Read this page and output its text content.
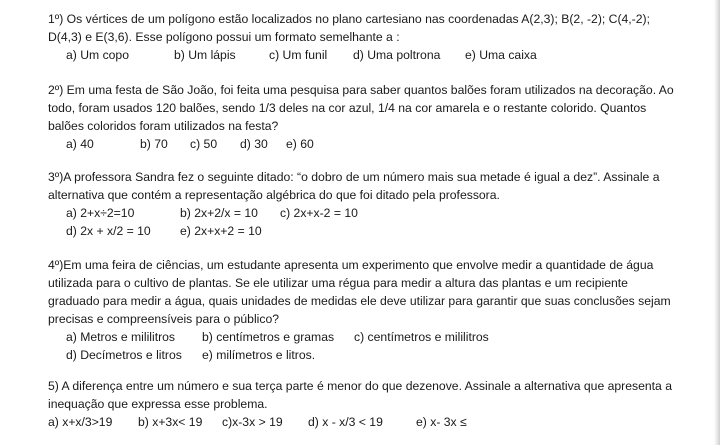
1º) Os vértices de um polígono estão localizados no plano cartesiano nas coordenadas A(2,3); B(2, -2); C(4,-2);

D(4,3) e E(3,6). Esse polígono possui um formato semelhante a :

a) Um copo	b) Um lápis	c) Um funil d) Uma poltrona e) Uma caixa

2º) Em uma festa de São João, foi feita uma pesquisa para saber quantos balões foram utilizados na decoração. Ao

todo, foram usados 120 balões, sendo 1/3 deles na cor azul, 1/4 na cor amarela e o restante colorido. Quantos

balões coloridos foram utilizados na festa?

a) 40	b) 70 c) 50 d) 30 e) 60

3º)A professora Sandra fez o seguinte ditado: “o dobro de um número mais sua metade é igual a dez”. Assinale a

alternativa que contém a representação algébrica do que foi ditado pela professora.

a) 2+x÷2=10	b) 2x+2/x = 10 c) 2x+x-2 = 10
d) 2x + x/2 = 10 e) 2x+x+2 = 10

4º)Em uma feira de ciências, um estudante apresenta um experimento que envolve medir a quantidade de água

utilizada para o cultivo de plantas. Se ele utilizar uma régua para medir a altura das plantas e um recipiente

graduado para medir a água, quais unidades de medidas ele deve utilizar para garantir que suas conclusões sejam

precisas e compreensíveis para o público?

a) Metros e mililitros b) centímetros e gramas c) centímetros e mililitros
d) Decímetros e litros e) milímetros e litros.

5) A diferença entre um número e sua terça parte é menor do que dezenove. Assinale a alternativa que apresenta a

inequação que expressa esse problema.

a) x+x/3>19 b) x+3x< 19 c)x-3x > 19 d) x - x/3 < 19	e) x- 3x ≤
